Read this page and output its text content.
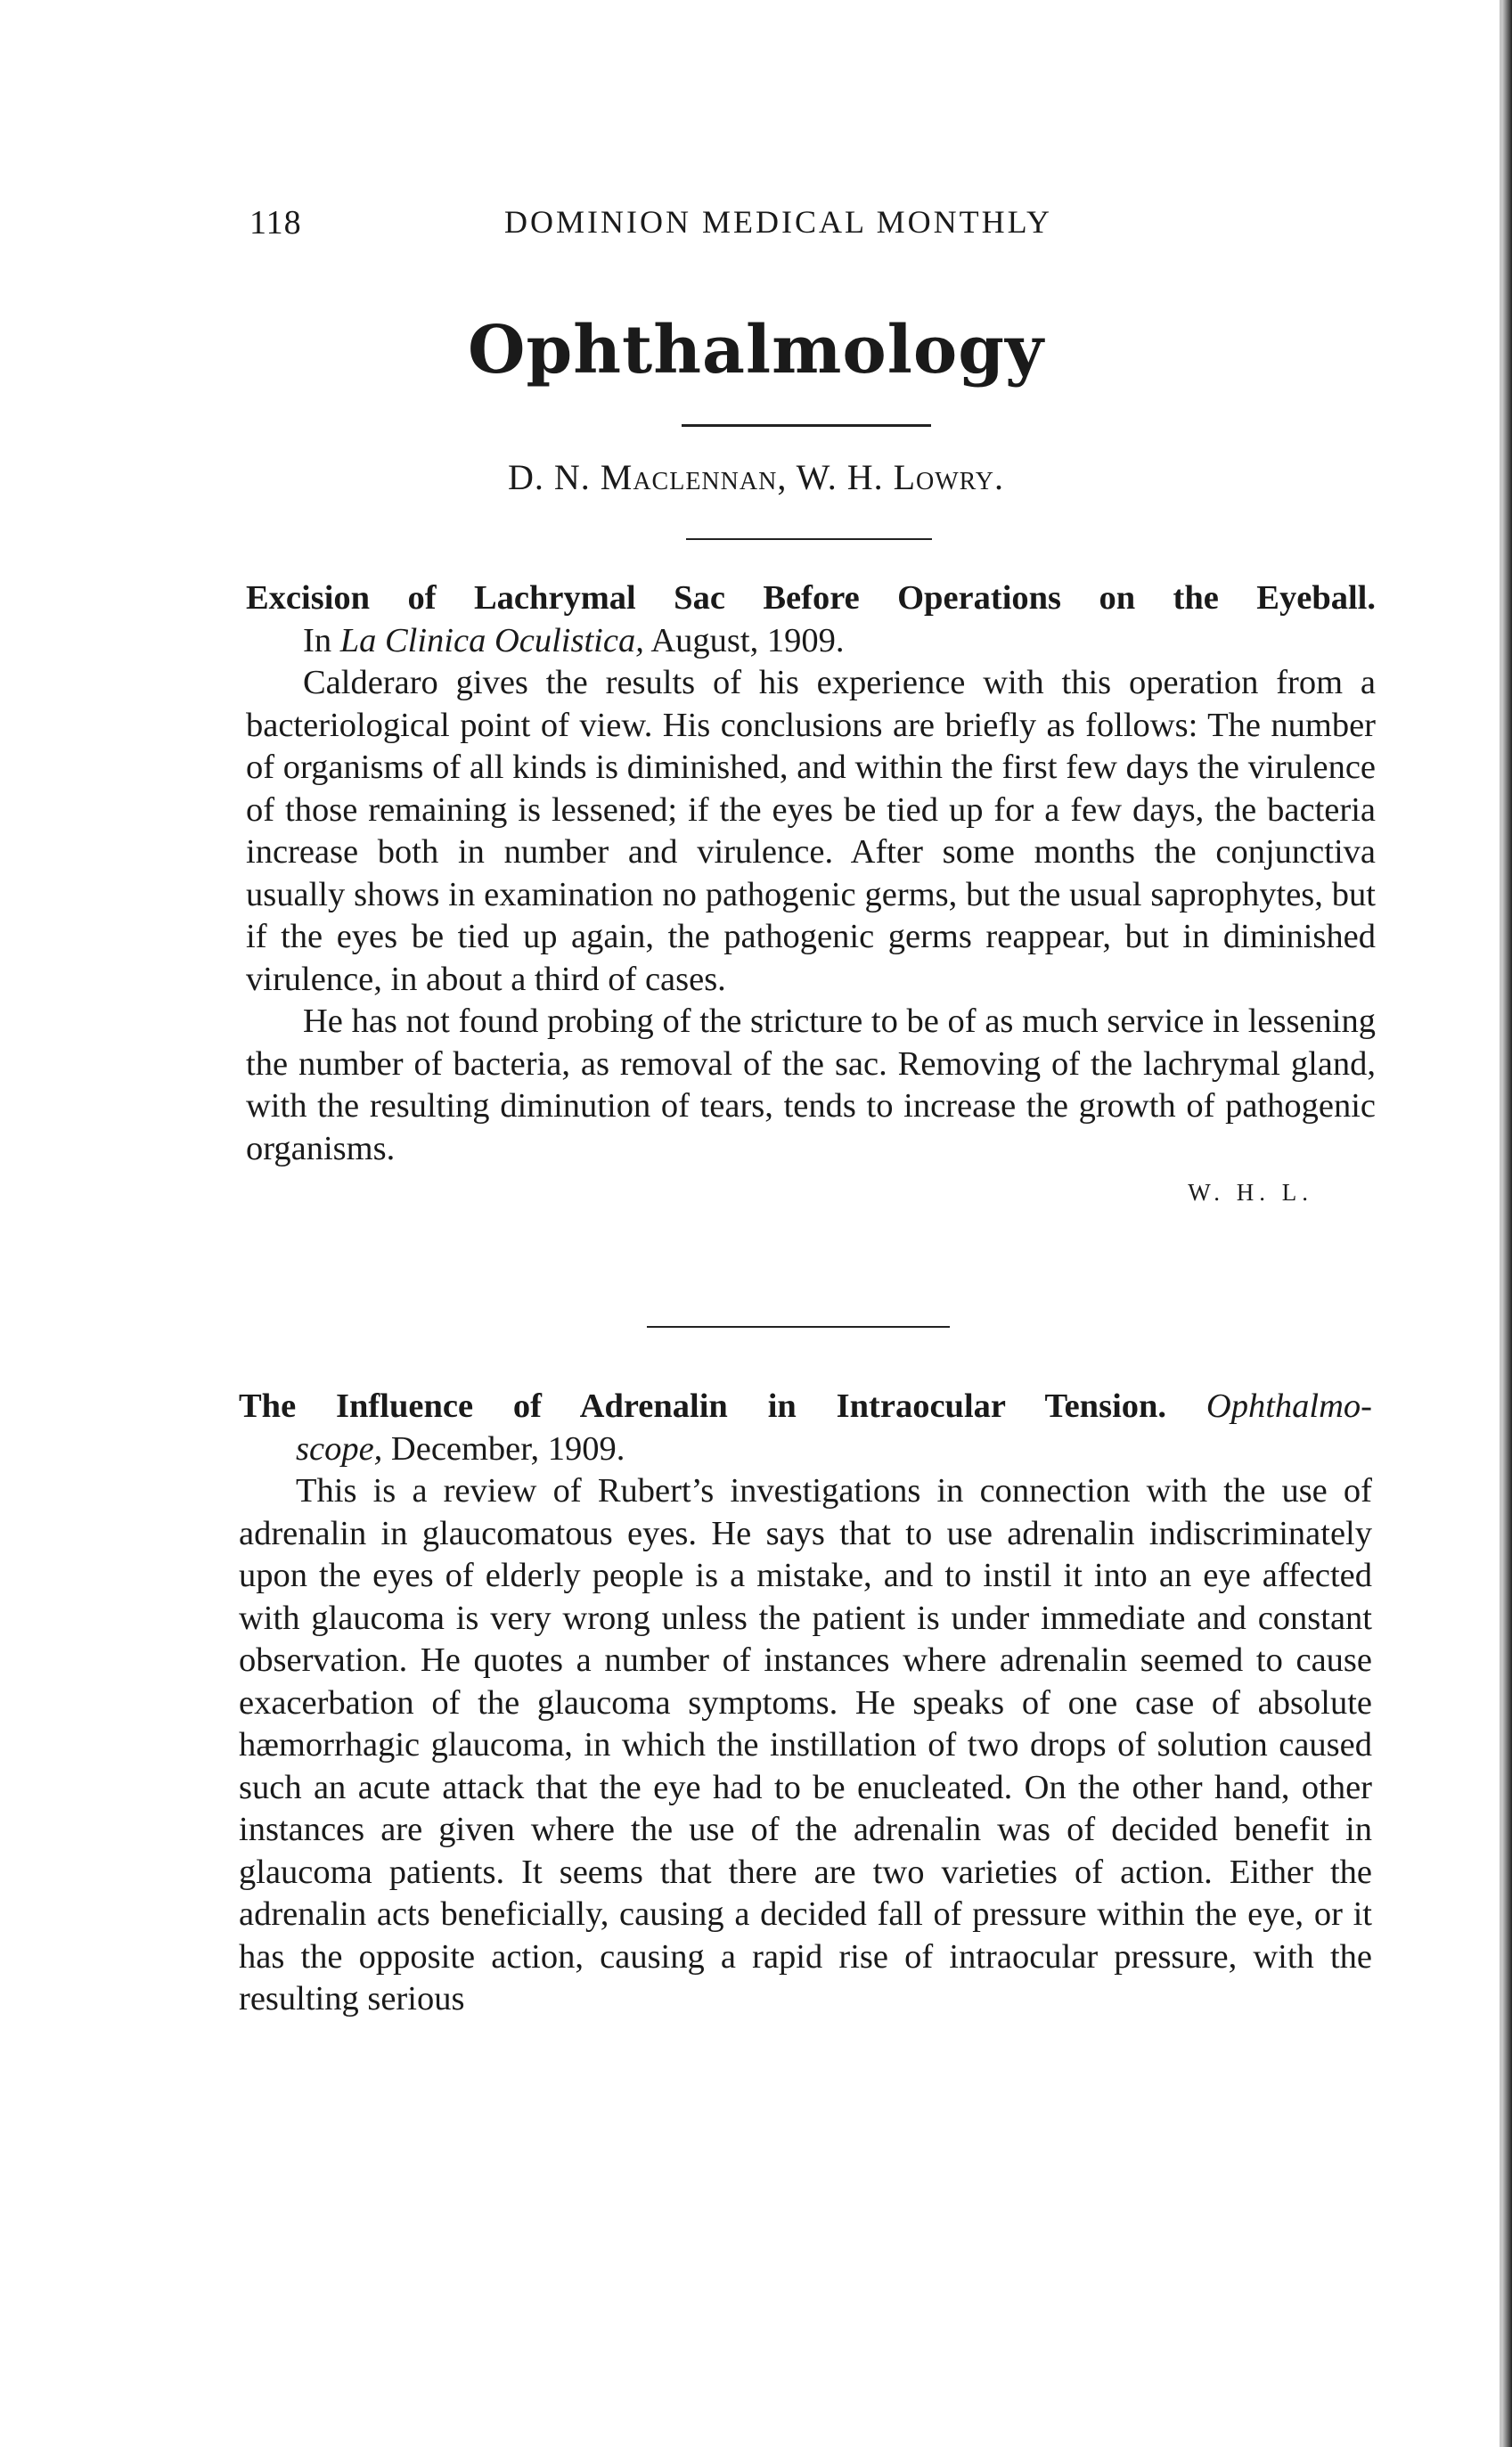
118	DOMINION MEDICAL MONTHLY
Ophthalmology
D. N. Maclennan, W. H. Lowry.
Excision of Lachrymal Sac Before Operations on the Eyeball.
In La Clinica Oculistica, August, 1909.

Calderaro gives the results of his experience with this operation from a bacteriological point of view. His conclusions are briefly as follows: The number of organisms of all kinds is diminished, and within the first few days the virulence of those remaining is lessened; if the eyes be tied up for a few days, the bacteria increase both in number and virulence. After some months the conjunctiva usually shows in examination no pathogenic germs, but the usual saprophytes, but if the eyes be tied up again, the pathogenic germs reappear, but in diminished virulence, in about a third of cases.

He has not found probing of the stricture to be of as much service in lessening the number of bacteria, as removal of the sac. Removing of the lachrymal gland, with the resulting diminution of tears, tends to increase the growth of pathogenic organisms.

W. H. L.
The Influence of Adrenalin in Intraocular Tension. Ophthalmo-
scope, December, 1909.

This is a review of Rubert’s investigations in connection with the use of adrenalin in glaucomatous eyes. He says that to use adrenalin indiscriminately upon the eyes of elderly people is a mistake, and to instil it into an eye affected with glaucoma is very wrong unless the patient is under immediate and constant observation. He quotes a number of instances where adrenalin seemed to cause exacerbation of the glaucoma symptoms. He speaks of one case of absolute hæmorrhagic glaucoma, in which the instillation of two drops of solution caused such an acute attack that the eye had to be enucleated. On the other hand, other instances are given where the use of the adrenalin was of decided benefit in glaucoma patients. It seems that there are two varieties of action. Either the adrenalin acts beneficially, causing a decided fall of pressure within the eye, or it has the opposite action, causing a rapid rise of intraocular pressure, with the resulting serious
